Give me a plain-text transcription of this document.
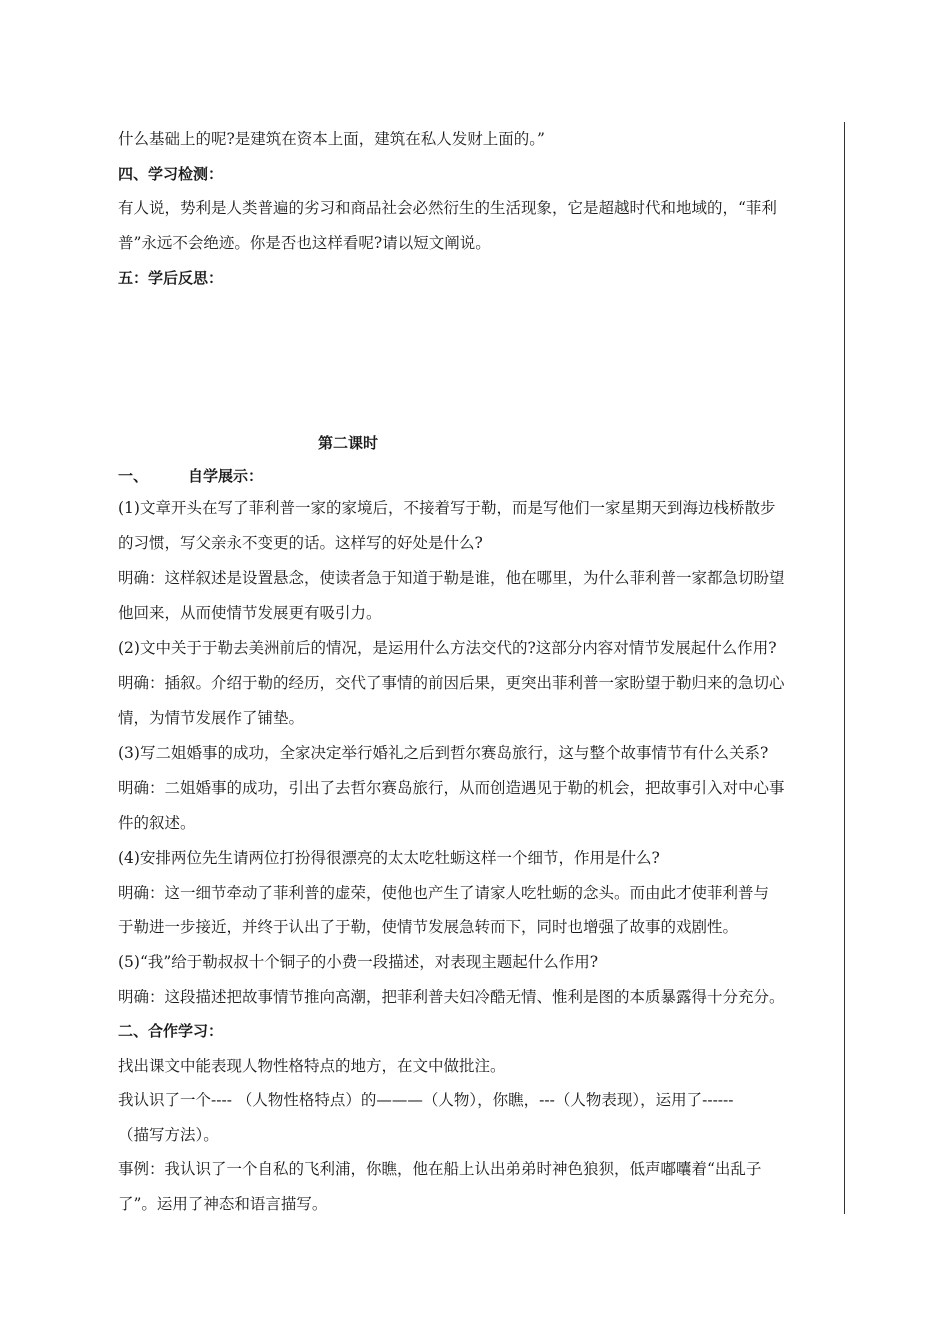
什么基础上的呢?是建筑在资本上面，建筑在私人发财上面的。”
四、学习检测：
有人说，势利是人类普遍的劣习和商品社会必然衍生的生活现象，它是超越时代和地域的，“菲利
普”永远不会绝迹。你是否也这样看呢?请以短文阐说。
五：学后反思：
第二课时
一、	自学展示：
(1)文章开头在写了菲利普一家的家境后，不接着写于勒，而是写他们一家星期天到海边栈桥散步
的习惯，写父亲永不变更的话。这样写的好处是什么?
明确：这样叙述是设置悬念，使读者急于知道于勒是谁，他在哪里，为什么菲利普一家都急切盼望
他回来，从而使情节发展更有吸引力。
(2)文中关于于勒去美洲前后的情况，是运用什么方法交代的?这部分内容对情节发展起什么作用?
明确：插叙。介绍于勒的经历，交代了事情的前因后果，更突出菲利普一家盼望于勒归来的急切心
情，为情节发展作了铺垫。
(3)写二姐婚事的成功，全家决定举行婚礼之后到哲尔赛岛旅行，这与整个故事情节有什么关系?
明确：二姐婚事的成功，引出了去哲尔赛岛旅行，从而创造遇见于勒的机会，把故事引入对中心事
件的叙述。
(4)安排两位先生请两位打扮得很漂亮的太太吃牡蛎这样一个细节，作用是什么?
明确：这一细节牵动了菲利普的虚荣，使他也产生了请家人吃牡蛎的念头。而由此才使菲利普与
于勒进一步接近，并终于认出了于勒，使情节发展急转而下，同时也增强了故事的戏剧性。
(5)“我”给于勒叔叔十个铜子的小费一段描述，对表现主题起什么作用?
明确：这段描述把故事情节推向高潮，把菲利普夫妇冷酷无情、惟利是图的本质暴露得十分充分。
二、合作学习：
找出课文中能表现人物性格特点的地方，在文中做批注。
我认识了一个---- （人物性格特点）的———（人物），你瞧，---（人物表现），运用了------
（描写方法）。
事例：我认识了一个自私的飞利浦，你瞧，他在船上认出弟弟时神色狼狈，低声嘟囔着“出乱子
了”。运用了神态和语言描写。
